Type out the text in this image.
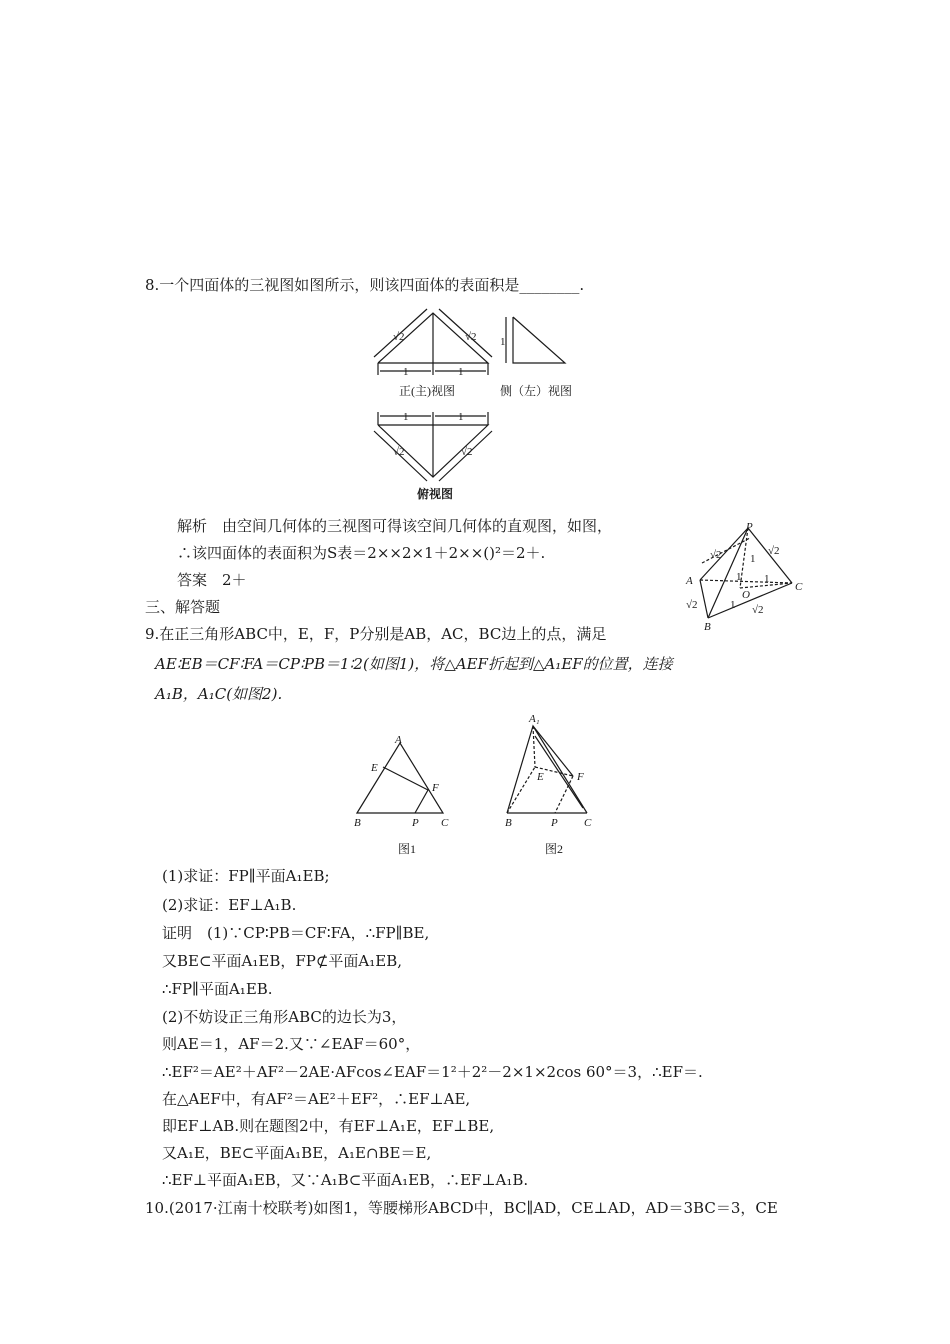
8.一个四面体的三视图如图所示，则该四面体的表面积是________.
√2	√2
1	1
1
1	1
√2	√2
正(主)视图	侧（左）视图
俯视图
解析　由空间几何体的三视图可得该空间几何体的直观图，如图，
∴该四面体的表面积为S表＝2××2×1＋2××()²＝2＋.
答案　2＋
P
A
B
C
O
√2	√2
√2	√2
1 1
1
1
三、解答题
9.在正三角形ABC中，E，F，P分别是AB，AC，BC边上的点，满足
AE∶EB＝CF∶FA＝CP∶PB＝1∶2(如图1)，将△AEF折起到△A₁EF的位置，连接
A₁B，A₁C(如图2).
A
E
F
B	P C
图1
A₁
E	F
B	P C
图2
(1)求证：FP∥平面A₁EB;
(2)求证：EF⊥A₁B.
证明　(1)∵CP∶PB＝CF∶FA，∴FP∥BE,
又BE⊂平面A₁EB，FP⊄平面A₁EB,
∴FP∥平面A₁EB.
(2)不妨设正三角形ABC的边长为3，
则AE＝1，AF＝2.又∵∠EAF＝60°，
∴EF²＝AE²＋AF²－2AE·AFcos∠EAF＝1²＋2²－2×1×2cos 60°＝3，∴EF＝.
在△AEF中，有AF²＝AE²＋EF²，∴EF⊥AE,
即EF⊥AB.则在题图2中，有EF⊥A₁E，EF⊥BE,
又A₁E，BE⊂平面A₁BE，A₁E∩BE＝E,
∴EF⊥平面A₁EB，又∵A₁B⊂平面A₁EB，∴EF⊥A₁B.
10.(2017·江南十校联考)如图1，等腰梯形ABCD中，BC∥AD，CE⊥AD，AD＝3BC＝3，CE
